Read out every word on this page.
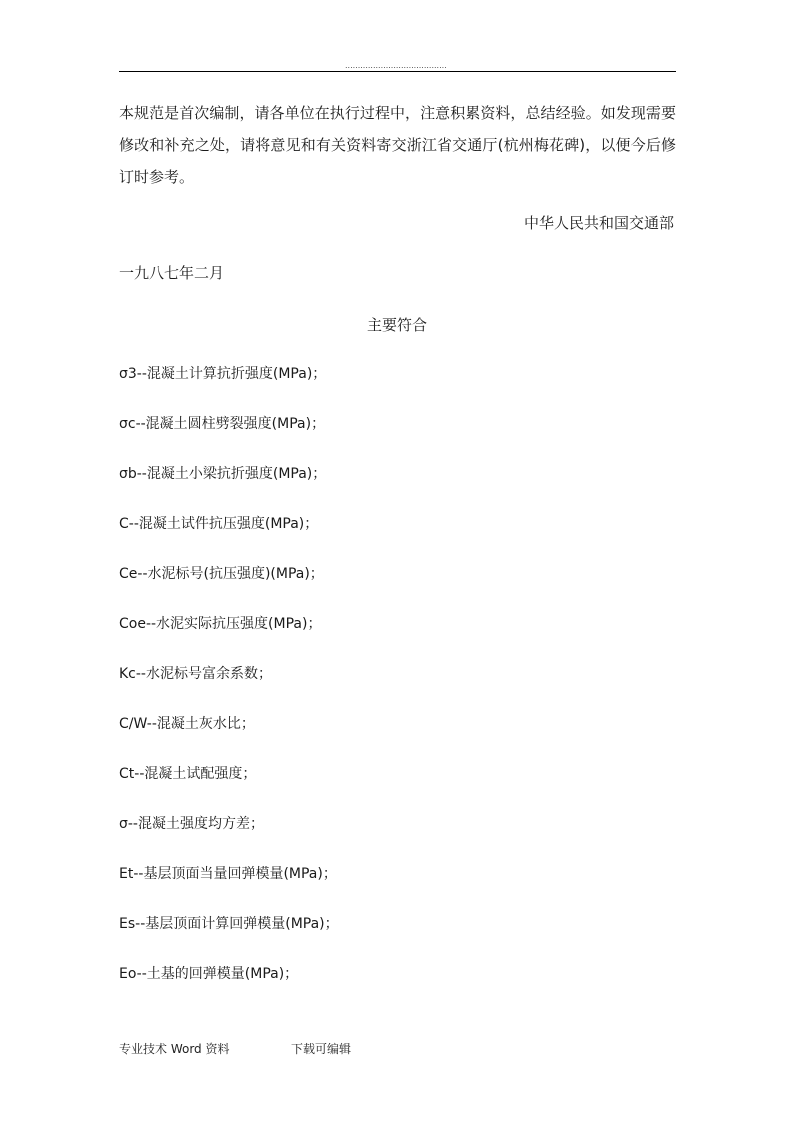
........................................

本规范是首次编制，请各单位在执行过程中，注意积累资料，总结经验。如发现需要修改和补充之处，请将意见和有关资料寄交浙江省交通厅(杭州梅花碑)，以便今后修订时参考。

中华人民共和国交通部
一九八七年二月
主要符合
σ3--混凝土计算抗折强度(MPa)；
σc--混凝土圆柱劈裂强度(MPa)；
σb--混凝土小梁抗折强度(MPa)；
C--混凝土试件抗压强度(MPa)；
Ce--水泥标号(抗压强度)(MPa)；
Coe--水泥实际抗压强度(MPa)；
Kc--水泥标号富余系数；
C/W--混凝土灰水比；
Ct--混凝土试配强度；
σ--混凝土强度均方差；
Et--基层顶面当量回弹模量(MPa)；
Es--基层顶面计算回弹模量(MPa)；
Eo--土基的回弹模量(MPa)；
专业技术 Word 资料	下载可编辑
